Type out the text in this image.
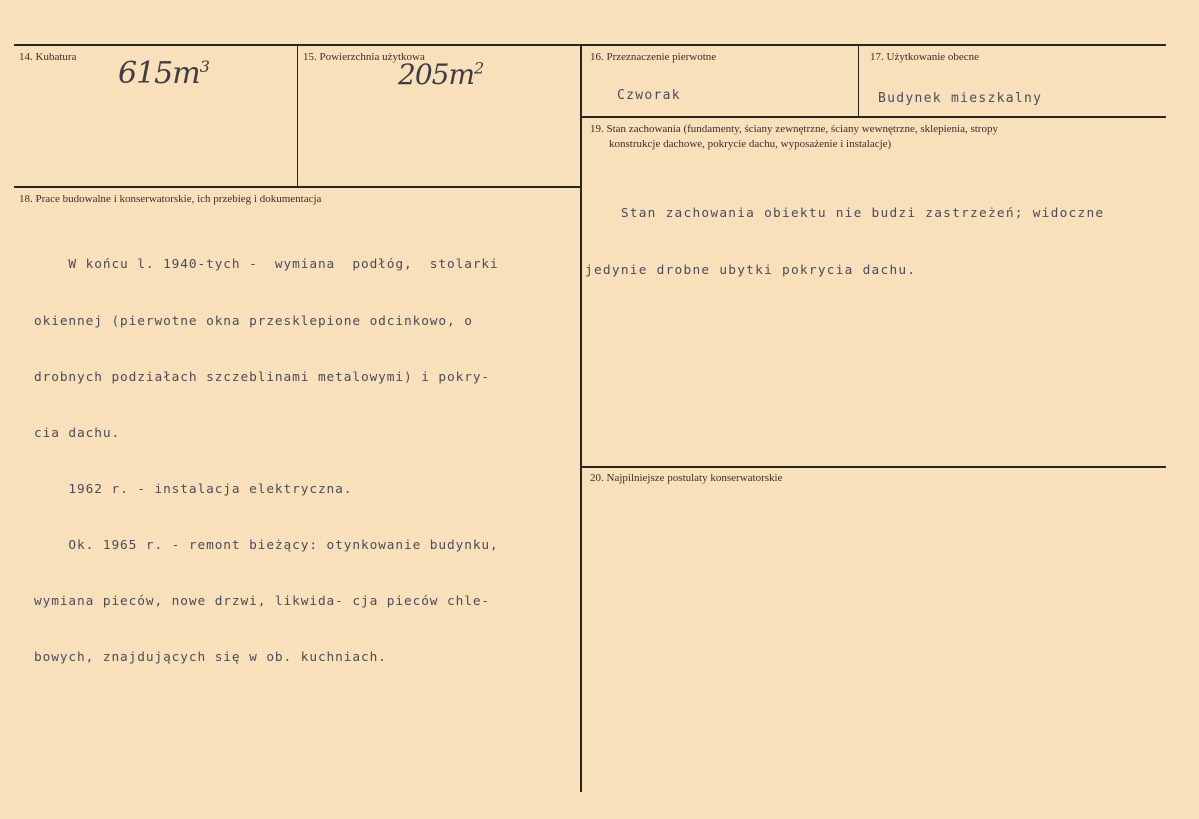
14. Kubatura $615m^3$	15. Powierzchnia użytkowa
$205m^2$
16. Przeznaczenie pierwotne
Czworak
17. Użytkowanie obecne
Budynek mieszkalny
19. Stan zachowania (fundamenty, ściany zewnętrzne, ściany wewnętrzne, sklepienia, stropy
konstrukcje dachowe, pokrycie dachu, wyposażenie i instalacje)

Stan zachowania obiektu nie budzi zastrzeżeń; widoczne

jedynie drobne ubytki pokrycia dachu.

18. Prace budowalne i konserwatorskie, ich przebieg i dokumentacja

W końcu l. 1940-tych -  wymiana  podłóg,  stolarki

okiennej (pierwotne okna przesklepione odcinkowo, o

drobnych podziałach szczeblinami metalowymi) i pokry-

cia dachu.

1962 r. - instalacja elektryczna.

Ok. 1965 r. - remont bieżący: otynkowanie budynku,

wymiana pieców, nowe drzwi, likwida- cja pieców chle-

bowych, znajdujących się w ob. kuchniach.

20. Najpilniejsze postulaty konserwatorskie
